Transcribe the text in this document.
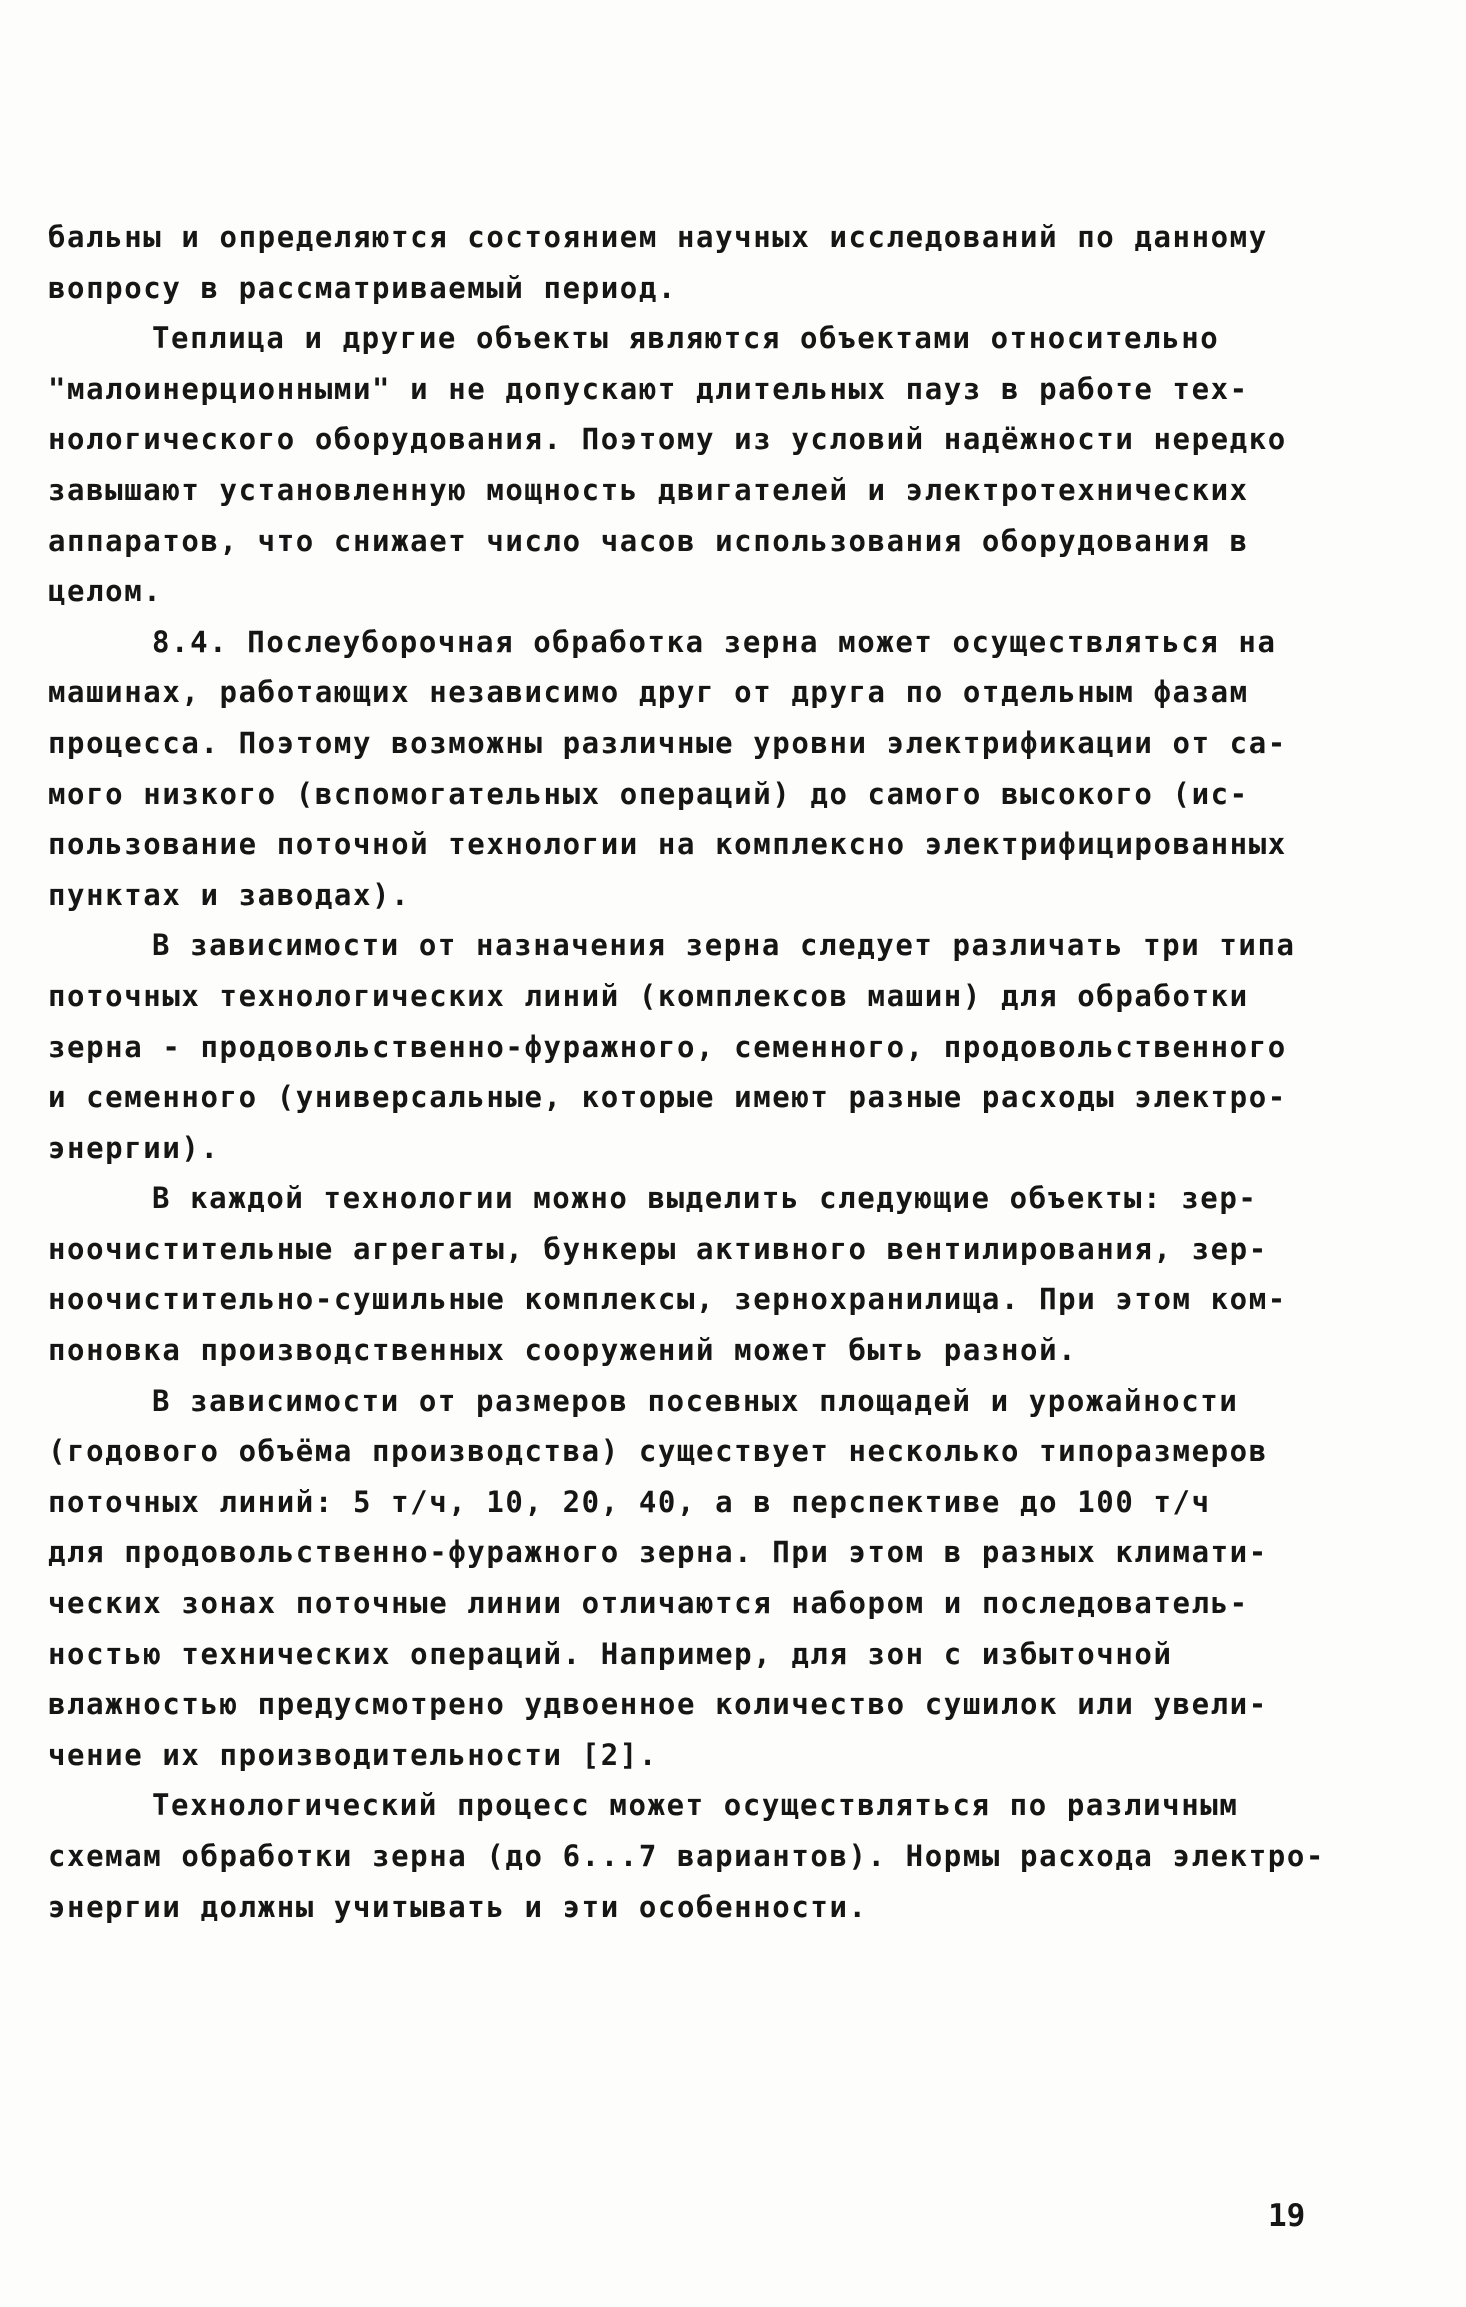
бальны и определяются состоянием научных исследований по данному
вопросу в рассматриваемый период.
Теплица и другие объекты являются объектами относительно
"малоинерционными" и не допускают длительных пауз в работе тех-
нологического оборудования. Поэтому из условий надёжности нередко
завышают установленную мощность двигателей и электротехнических
аппаратов, что снижает число часов использования оборудования в
целом.
8.4. Послеуборочная обработка зерна может осуществляться на
машинах, работающих независимо друг от друга по отдельным фазам
процесса. Поэтому возможны различные уровни электрификации от са-
мого низкого (вспомогательных операций) до самого высокого (ис-
пользование поточной технологии на комплексно электрифицированных
пунктах и заводах).
В зависимости от назначения зерна следует различать три типа
поточных технологических линий (комплексов машин) для обработки
зерна - продовольственно-фуражного, семенного, продовольственного
и семенного (универсальные, которые имеют разные расходы электро-
энергии).
В каждой технологии можно выделить следующие объекты: зер-
ноочистительные агрегаты, бункеры активного вентилирования, зер-
ноочистительно-сушильные комплексы, зернохранилища. При этом ком-
поновка производственных сооружений может быть разной.
В зависимости от размеров посевных площадей и урожайности
(годового объёма производства) существует несколько типоразмеров
поточных линий: 5 т/ч, 10, 20, 40, а в перспективе до 100 т/ч
для продовольственно-фуражного зерна. При этом в разных климати-
ческих зонах поточные линии отличаются набором и последователь-
ностью технических операций. Например, для зон с избыточной
влажностью предусмотрено удвоенное количество сушилок или увели-
чение их производительности [2].
Технологический процесс может осуществляться по различным
схемам обработки зерна (до 6...7 вариантов). Нормы расхода электро-
энергии должны учитывать и эти особенности.
19
